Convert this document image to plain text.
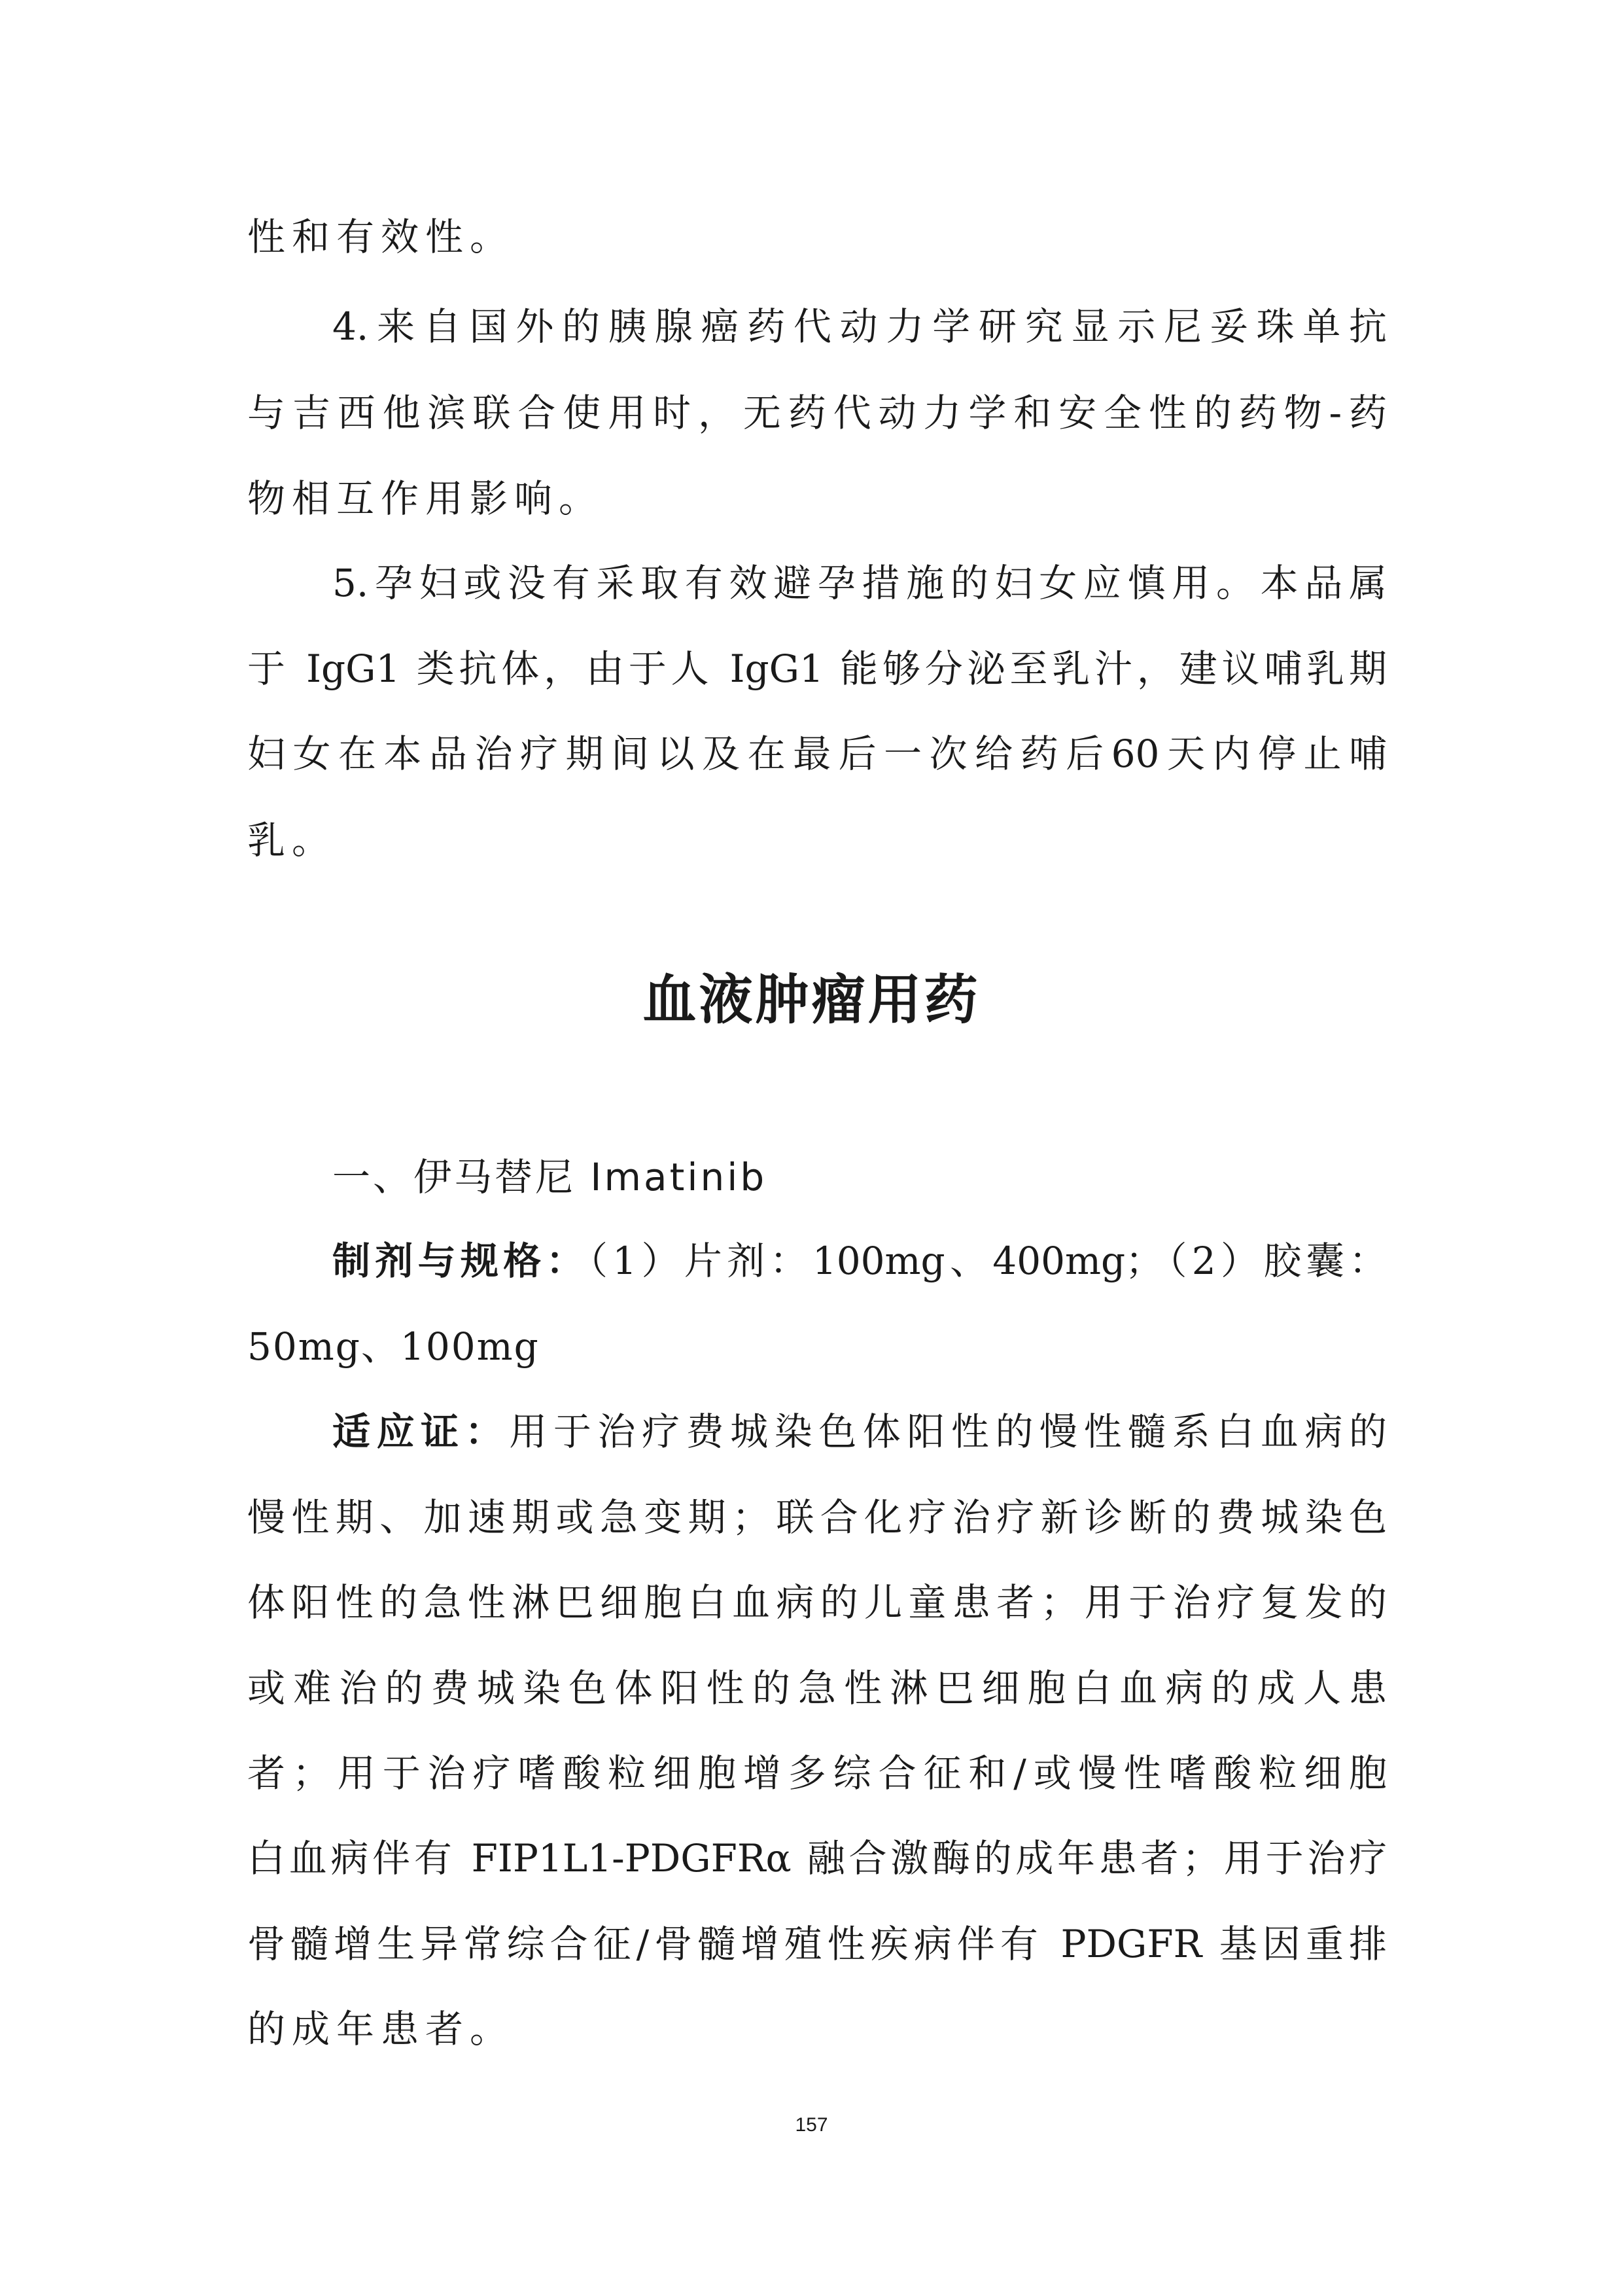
性和有效性。
4.来自国外的胰腺癌药代动力学研究显示尼妥珠单抗
与吉西他滨联合使用时，无药代动力学和安全性的药物-药
物相互作用影响。
5.孕妇或没有采取有效避孕措施的妇女应慎用。本品属
于 IgG1 类抗体，由于人 IgG1 能够分泌至乳汁，建议哺乳期
妇女在本品治疗期间以及在最后一次给药后60天内停止哺
乳。
血液肿瘤用药
一、伊马替尼 Imatinib
制剂与规格：（1）片剂：100mg、400mg；（2）胶囊：
50mg、100mg
适应证：用于治疗费城染色体阳性的慢性髓系白血病的
慢性期、加速期或急变期；联合化疗治疗新诊断的费城染色
体阳性的急性淋巴细胞白血病的儿童患者；用于治疗复发的
或难治的费城染色体阳性的急性淋巴细胞白血病的成人患
者；用于治疗嗜酸粒细胞增多综合征和/或慢性嗜酸粒细胞
白血病伴有 FIP1L1-PDGFRα 融合激酶的成年患者；用于治疗
骨髓增生异常综合征/骨髓增殖性疾病伴有 PDGFR 基因重排
的成年患者。
157
